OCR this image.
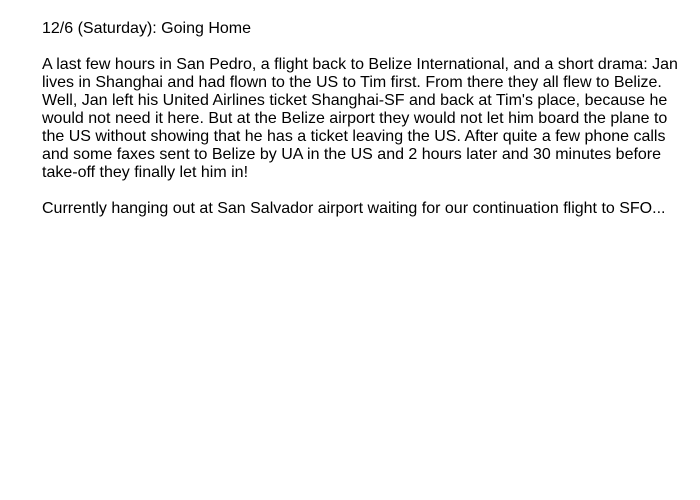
12/6 (Saturday): Going Home

A last few hours in San Pedro, a flight back to Belize International, and a short drama: Jan lives in Shanghai and had flown to the US to Tim first. From there they all flew to Belize. Well, Jan left his United Airlines ticket Shanghai-SF and back at Tim's place, because he would not need it here. But at the Belize airport they would not let him board the plane to the US without showing that he has a ticket leaving the US. After quite a few phone calls and some faxes sent to Belize by UA in the US and 2 hours later and 30 minutes before take-off they finally let him in!

Currently hanging out at San Salvador airport waiting for our continuation flight to SFO...
